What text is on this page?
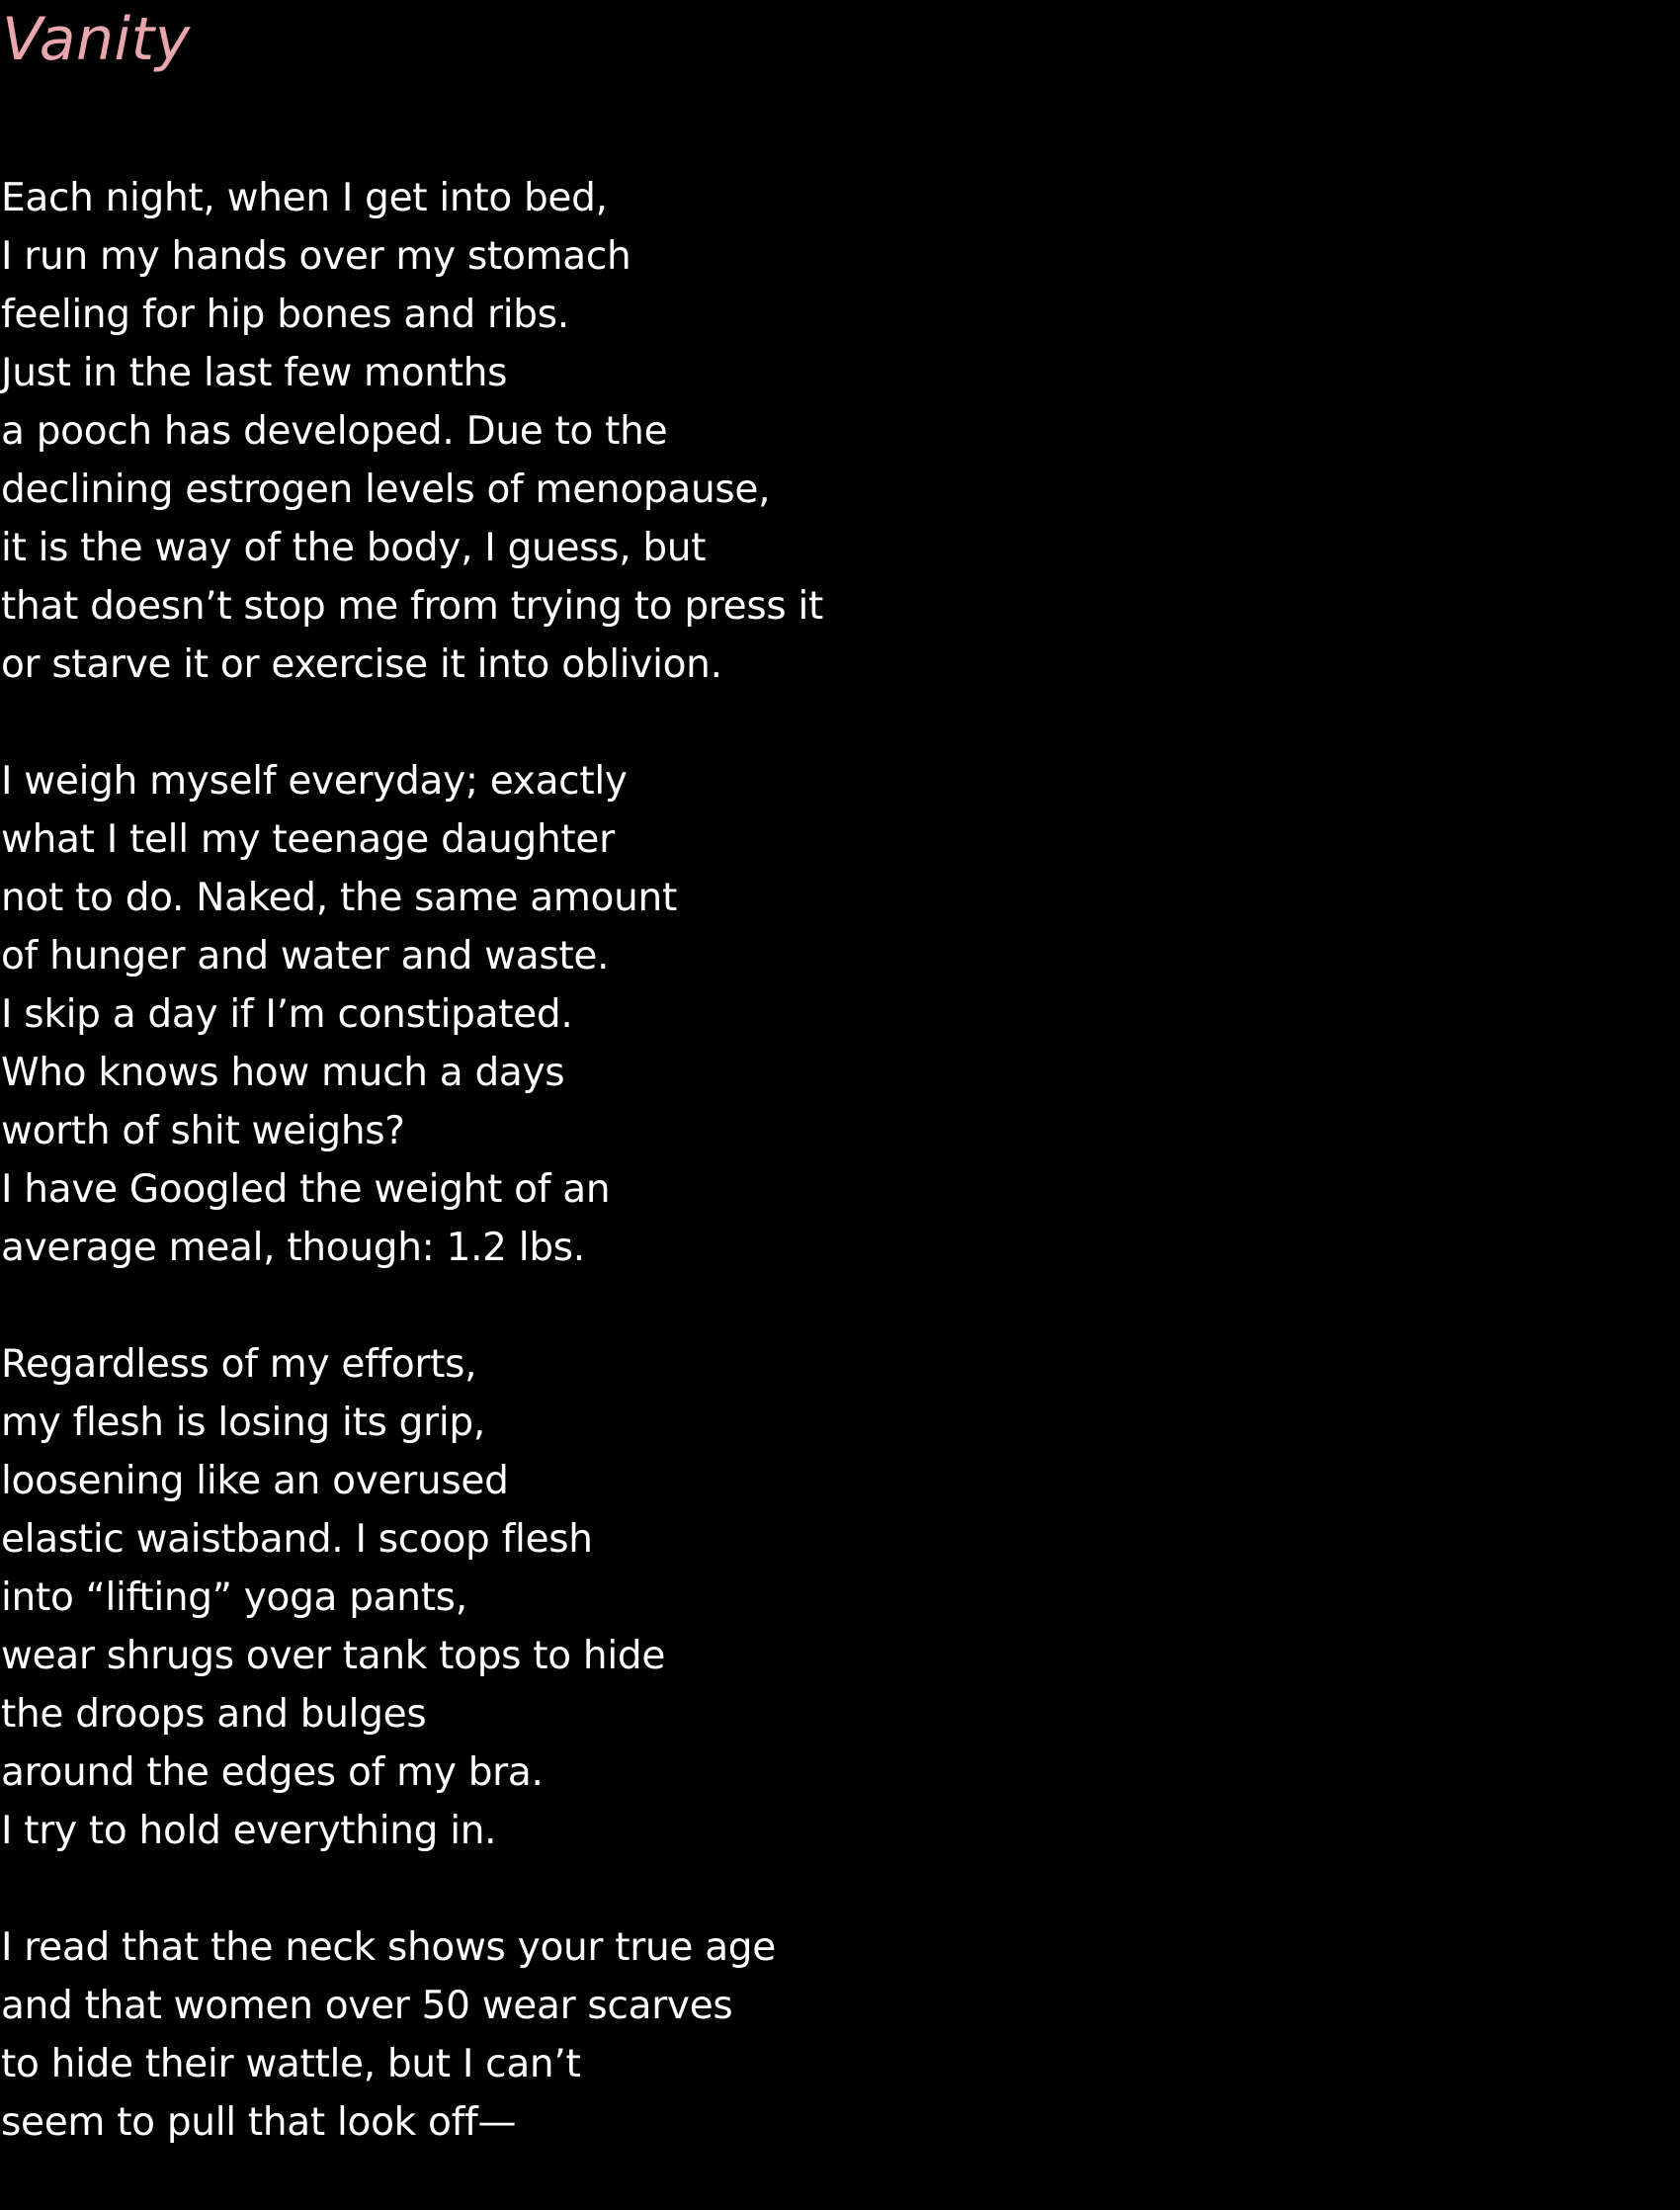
Vanity
Each night, when I get into bed,
I run my hands over my stomach
feeling for hip bones and ribs.
Just in the last few months
a pooch has developed. Due to the
declining estrogen levels of menopause,
it is the way of the body, I guess, but
that doesn’t stop me from trying to press it
or starve it or exercise it into oblivion.
I weigh myself everyday; exactly
what I tell my teenage daughter
not to do. Naked, the same amount
of hunger and water and waste.
I skip a day if I’m constipated.
Who knows how much a days
worth of shit weighs?
I have Googled the weight of an
average meal, though: 1.2 lbs.
Regardless of my efforts,
my flesh is losing its grip,
loosening like an overused
elastic waistband. I scoop flesh
into “lifting” yoga pants,
wear shrugs over tank tops to hide
the droops and bulges
around the edges of my bra.
I try to hold everything in.
I read that the neck shows your true age
and that women over 50 wear scarves
to hide their wattle, but I can’t
seem to pull that look off—
